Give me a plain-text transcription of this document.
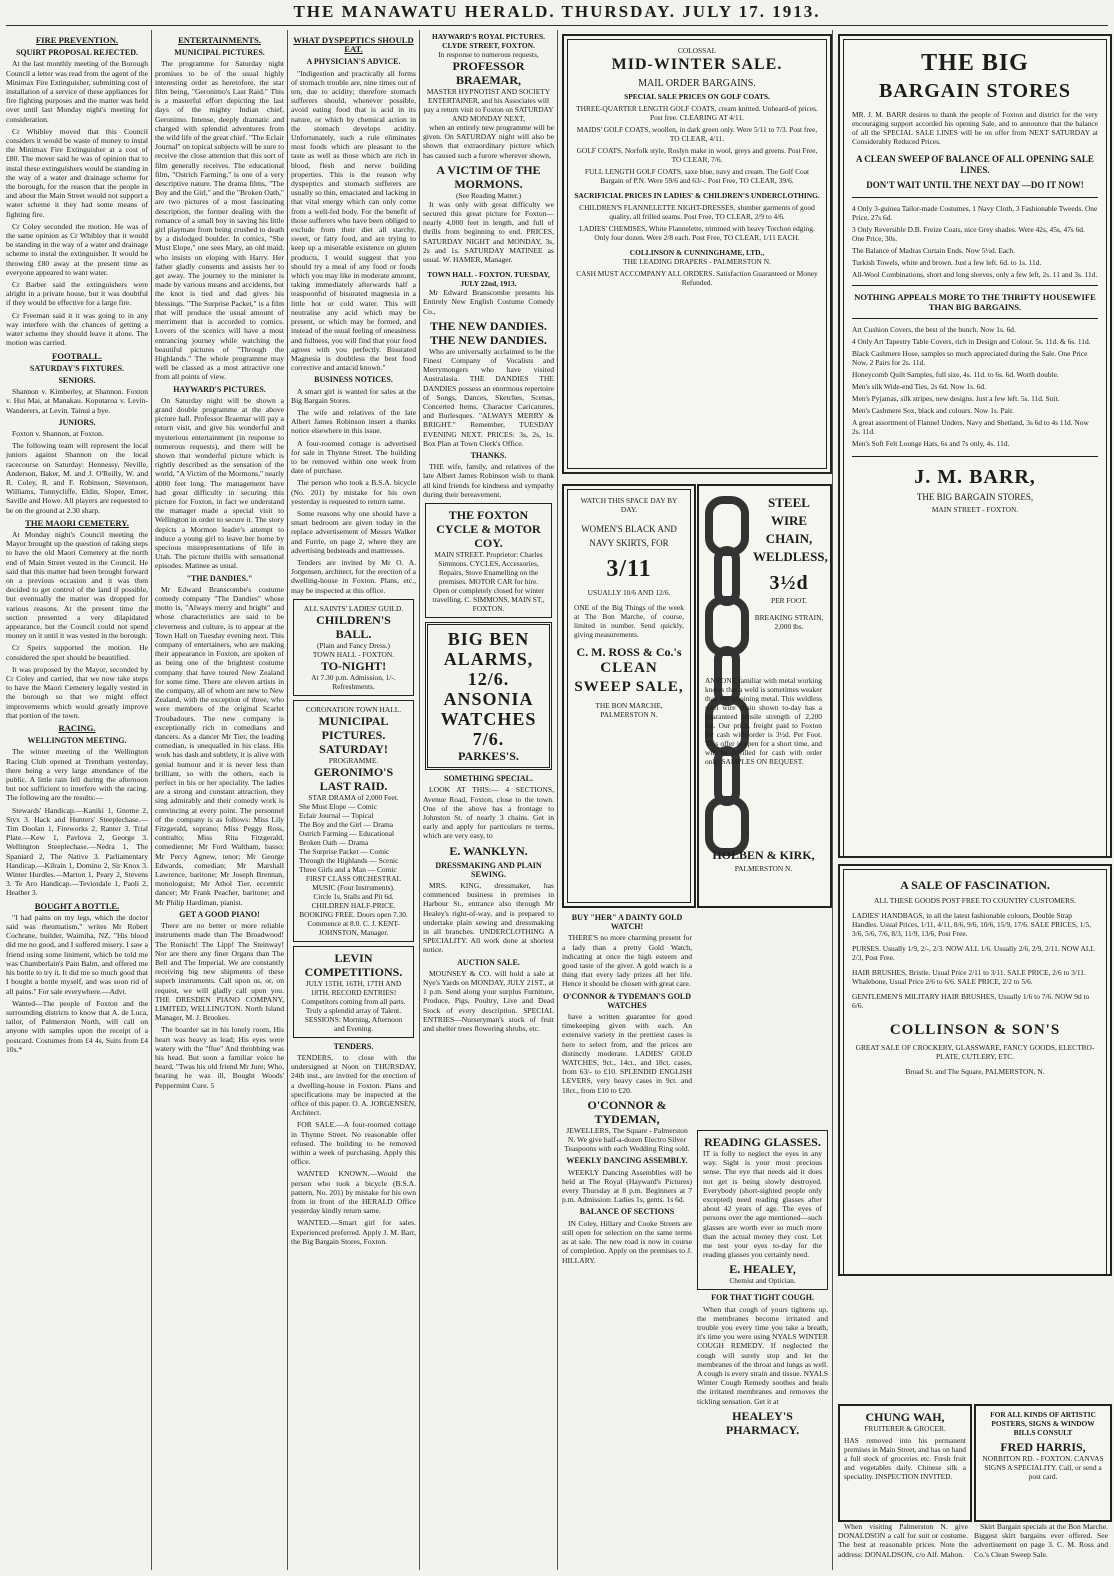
THE MANAWATU HERALD. THURSDAY. JULY 17. 1913.
FIRE PREVENTION.
SQUIRT PROPOSAL REJECTED.

At the last monthly meeting of the Borough Council a letter was read from the agent of the Minimax Fire Extinguisher, submitting cost of installation of a service of these appliances for fire fighting purposes and the matter was held over until last Monday night's meeting for consideration.

Cr Whibley moved that this Council considers it would be waste of money to instal the Minimax Fire Extinguisher at a cost of £80. The mover said he was of opinion that to instal these extinguishers would be standing in the way of a water and drainage scheme for the borough, for the reason that the people in and about the Main Street would not support a water scheme it they had some means of fighting fire.

Cr Coley seconded the motion. He was of the same opinion as Cr Whibley that it would be standing in the way of a water and drainage scheme to instal the extinguisher. It would be throwing £80 away at the present time as everyone appeared to want water.

Cr Barber said the extinguishers were alright in a private house, but it was doubtful if they would be effective for a large fire.

Cr Freeman said it it was going to in any way interfere with the chances of getting a water scheme they should leave it alone. The motion was carried.

FOOTBALL.
SATURDAY'S FIXTURES.
SENIORS.

Shannon v. Kimberley, at Shannon. Foxton v. Hui Mai, at Manakau. Koputaroa v. Levin-Wanderers, at Levin. Tainui a bye.

JUNIORS.

Foxton v. Shannon, at Foxton.

The following team will represent the local juniors against Shannon on the local racecourse on Saturday: Hennessy, Neville, Anderson, Baker, M. and J. O'Reilly, W. and R. Coley, R. and F. Robinson, Stevenson, Williams, Tunnycliffe, Eldin, Sloper, Emer, Saville and Howe. All players are requested to be on the ground at 2.30 sharp.

THE MAORI CEMETERY.

At Monday night's Council meeting the Mayor brought up the question of taking steps to have the old Maori Cemetery at the north end of Main Street vested in the Council. He said that this matter had been brought forward on a previous occasion and it was then decided to get control of the land if possible, but eventually the matter was dropped for various reasons. At the present time the section presented a very dilapidated appearance, but the Council could not spend money on it until it was vested in the borough.

Cr Speirs supported the motion. He considered the spot should be beautified.

It was proposed by the Mayor, seconded by Cr Coley and carried, that we now take steps to have the Maori Cemetery legally vested in the borough so that we might effect improvements which would greatly improve that portion of the town.

RACING.
WELLINGTON MEETING.

The winter meeting of the Wellington Racing Club opened at Trentham yesterday, there being a very large attendance of the public. A little rain fell during the afternoon but not sufficient to interfere with the racing. The following are the results:—

Stewards' Handicap.—Kaniki 1, Gnome 2, Styx 3. Hack and Hunters' Steeplechase.—Tim Doolan 1, Fireworks 2, Ranter 3. Trial Plate.—Kew 1, Pavlova 2, George 3. Wellington Steeplechase.—Nedra 1, The Spaniard 2, The Native 3. Parliamentary Handicap.—Kilrain 1, Domino 2, Sir Knox 3. Winter Hurdles.—Marton 1, Peary 2, Stevens 3. Te Aro Handicap.—Teviotdale 1, Paoli 2, Heather 3.

BOUGHT A BOTTLE.

"I had pains on my legs, which the doctor said was rheumatism," writes Mr Robert Cochrane, builder, Waimiha, NZ. "His blood did me no good, and I suffered misery. I saw a friend using some liniment, which he told me was Chamberlain's Pain Balm, and offered me his bottle to try it. It did me so much good that I bought a bottle myself, and was soon rid of all pains." For sale everywhere.—Advt.

Wanted—The people of Foxton and the surrounding districts to know that A. de Luca, tailor, of Palmerston North, will call on anyone with samples upon the receipt of a postcard. Costumes from £4 4s, Suits from £4 10s.*

ENTERTAINMENTS.
MUNICIPAL PICTURES.

The programme for Saturday night promises to be of the usual highly interesting order as heretofore, the star film being, "Geronimo's Last Raid." This is a masterful effort depicting the last days of the mighty Indian chief, Geronimo. Intense, deeply dramatic and charged with splendid adventures from the wild life of the great chief. "The Eclair Journal" on topical subjects will be sure to receive the close attention that this sort of film generally receives. The educational film, "Ostrich Farming," is one of a very descriptive nature. The drama films, "The Boy and the Girl," and the "Broken Oath," are two pictures of a most fascinating description, the former dealing with the romance of a small boy in saving his little girl playmate from being crushed to death by a dislodged boulder. In comics, "She Must Elope," one sees Mary, an old maid, who insists on eloping with Harry. Her father gladly consents and assists her to get away. The journey to the minister is made by various means and accidents, but the knot is tied and dad gives his blessings. "The Surprise Packet," is a film that will produce the usual amount of merriment that is accorded to comics. Lovers of the scenics will have a most entrancing journey while watching the beautiful pictures of "Through the Highlands." The whole programme may well be classed as a most attractive one from all points of view.

HAYWARD'S PICTURES.

On Saturday night will be shown a grand double programme at the above picture hall. Professor Braemar will pay a return visit, and give his wonderful and mysterious entertainment (in response to numerous requests), and there will be shown that wonderful picture which is rightly described as the sensation of the world, "A Victim of the Mormons," nearly 4000 feet long. The management have had great difficulty in securing this picture for Foxton, in fact we understand the manager made a special visit to Wellington in order to secure it. The story depicts a Mormon leader's attempt to induce a young girl to leave her home by specious misrepresentations of life in Utah. The picture thrills with sensational episodes. Matinee as usual.

"THE DANDIES."

Mr Edward Branscombe's costume comedy company "The Dandies" whose motto is, "Always merry and bright" and whose characteristics are said to be cleverness and culture, is to appear at the Town Hall on Tuesday evening next. This company of entertainers, who are making their appearance in Foxton, are spoken of as being one of the brightest costume company that have toured New Zealand for some time. There are eleven artists in the company, all of whom are new to New Zealand, with the exception of three, who were members of the original Scarlet Troubadours. The new company is exceptionally rich in comedians and dancers. As a dancer Mr Tier, the leading comedian, is unequalled in his class. His work has dash and subtlety, it is alive with genial humour and it is never less than brilliant, so with the others, each is perfect in his or her speciality. The ladies are a strong and constant attraction, they sing admirably and their comedy work is convincing at every point. The personnel of the company is as follows: Miss Lily Fitzgerald, soprano; Miss Peggy Ross, contralto; Miss Rita Fitzgerald, comedienne; Mr Ford Waltham, basso; Mr Percy Agnew, tenor; Mr George Edwards, comedian; Mr Marshall Lawrence, baritone; Mr Joseph Brennan, monologuist; Mr Athol Tier, eccentric dancer; Mr Frank Peacher, baritone; and Mr Philip Hardiman, pianist.

GET A GOOD PIANO!

There are no better or more reliable instruments made than The Broadwood! The Ronisch! The Lipp! The Steinway! Nor are there any finer Organs than The Bell and The Imperial. We are constantly receiving big new shipments of these superb instruments. Call upon us, or, on request, we will gladly call upon you. THE DRESDEN PIANO COMPANY, LIMITED, WELLINGTON. North Island Manager, M. J. Brookes.

The boarder sat in his lonely room, His heart was heavy as lead; His eyes were watery with the "flue" And throbbing was his head. But soon a familiar voice he heard, "Twas his old friend Mr Jure; Who, hearing he was ill, Bought Woods' Peppermint Cure. 5

WHAT DYSPEPTICS SHOULD EAT.
A PHYSICIAN'S ADVICE.

"Indigestion and practically all forms of stomach trouble are, nine times out of ten, due to acidity; therefore stomach sufferers should, whenever possible, avoid eating food that is acid in its nature, or which by chemical action in the stomach develops acidity. Unfortunately, such a rule eliminates most foods which are pleasant to the taste as well as those which are rich in blood, flesh and nerve building properties. This is the reason why dyspeptics and stomach sufferers are usually so thin, emaciated and lacking in that vital energy which can only come from a well-fed body. For the benefit of those sufferers who have been obliged to exclude from their diet all starchy, sweet, or fatty food, and are trying to keep up a miserable existence on gluten products, I would suggest that you should try a meal of any food or foods which you may like in moderate amount, taking immediately afterwards half a teaspoonful of bisurated magnesia in a little hot or cold water. This will neutralise any acid which may be present, or which may be formed, and instead of the usual feeling of uneasiness and fullness, you will find that your food agrees with you perfectly. Bisurated Magnesia is doubtless the best food corrective and antacid known."

BUSINESS NOTICES.

A smart girl is wanted for sales at the Big Bargain Stores.

The wife and relatives of the late Albert James Robinson insert a thanks notice elsewhere in this issue.

A four-roomed cottage is advertised for sale in Thynne Street. The building to be removed within one week from date of purchase.

The person who took a B.S.A. bicycle (No. 201) by mistake for his own yesterday is requested to return same.

Some reasons why one should have a smart bedroom are given today in the replace advertisement of Messrs Walker and Furrie, on page 2, where they are advertising bedsteads and mattresses.

Tenders are invited by Mr O. A. Jorgensen, architect, for the erection of a dwelling-house in Foxton. Plans, etc., may be inspected at this office.

ALL SAINTS' LADIES' GUILD.
CHILDREN'S BALL.
(Plain and Fancy Dress.)
TOWN HALL - FOXTON.
TO-NIGHT!
At 7.30 p.m. Admission, 1/-. Refreshments.
CORONATION TOWN HALL.
MUNICIPAL PICTURES. SATURDAY!
PROGRAMME.
GERONIMO'S LAST RAID.
STAR DRAMA of 2,000 Feet.
She Must Elope — Comic
Eclair Journal — Topical
The Boy and the Girl — Drama
Ostrich Farming — Educational
Broken Oath — Drama
The Surprise Packet — Comic
Through the Highlands — Scenic
Three Girls and a Man — Comic
FIRST CLASS ORCHESTRAL MUSIC (Four Instruments).
Circle 1s, Stalls and Pit 6d. CHILDREN HALF-PRICE. BOOKING FREE. Doors open 7.30. Commence at 8.0. C. J. KENT-JOHNSTON, Manager.
LEVIN COMPETITIONS.
JULY 15TH, 16TH, 17TH AND 18TH. RECORD ENTRIES! Competitors coming from all parts. Truly a splendid array of Talent. SESSIONS: Morning, Afternoon and Evening.
TENDERS.

TENDERS, to close with the undersigned at Noon on THURSDAY, 24th inst., are invited for the erection of a dwelling-house in Foxton. Plans and specifications may be inspected at the office of this paper. O. A. JORGENSEN, Architect.

FOR SALE.—A four-roomed cottage in Thynne Street. No reasonable offer refused. The building to be removed within a week of purchasing. Apply this office.

WANTED KNOWN.—Would the person who took a bicycle (B.S.A. pattern, No. 201) by mistake for his own from in front of the HERALD Office yesterday kindly return same.

WANTED.—Smart girl for sales. Experienced preferred. Apply J. M. Barr, the Big Bargain Stores, Foxton.

HAYWARD'S ROYAL PICTURES. CLYDE STREET, FOXTON.
In response to numerous requests,
PROFESSOR BRAEMAR,
MASTER HYPNOTIST AND SOCIETY ENTERTAINER, and his Associates will pay a return visit to Foxton on SATURDAY AND MONDAY NEXT,

when an entirely new programme will be given. On SATURDAY night will also be shown that extraordinary picture which has caused such a furore wherever shown,

A VICTIM OF THE MORMONS.
(See Reading Matter.)

It was only with great difficulty we secured this great picture for Foxton—nearly 4,000 feet in length, and full of thrills from beginning to end. PRICES, SATURDAY NIGHT and MONDAY, 3s, 2s and 1s. SATURDAY MATINEE as usual. W. HAMER, Manager.

TOWN HALL - FOXTON. TUESDAY, JULY 22nd, 1913.

Mr Edward Branscombe presents his Entirely New English Costume Comedy Co.,

THE NEW DANDIES. THE NEW DANDIES.

Who are universally acclaimed to be the Finest Company of Vocalists and Merrymongers who have visited Australasia. THE DANDIES THE DANDIES possess an enormous repertoire of Songs, Dances, Sketches, Scenas, Concerted Items, Character Caricatures, and Burlesques. "ALWAYS MERRY & BRIGHT." Remember, TUESDAY EVENING NEXT. PRICES: 3s, 2s, 1s. Box Plan at Town Clerk's Office.

THANKS.

THE wife, family, and relatives of the late Albert James Robinson wish to thank all kind friends for kindness and sympathy during their bereavement.

THE FOXTON CYCLE & MOTOR COY.
MAIN STREET. Proprietor: Charles Simmons. CYCLES, Accessories, Repairs, Stove Enamelling on the premises. MOTOR CAR for hire. Open or completely closed for winter travelling. C. SIMMONS, MAIN ST., FOXTON.
BIG BEN ALARMS,
12/6.
ANSONIA WATCHES
7/6.
PARKES'S.
SOMETHING SPECIAL.

LOOK AT THIS:— 4 SECTIONS, Avenue Road, Foxton, close to the town. One of the above has a frontage to Johnston St. of nearly 3 chains. Get in early and apply for particulars re terms, which are very easy, to

E. WANKLYN.
DRESSMAKING AND PLAIN SEWING.

MRS. KING, dressmaker, has commenced business in premises in Harbour St., entrance also through Mr Healey's right-of-way, and is prepared to undertake plain sewing and dressmaking in all branches. UNDERCLOTHING A SPECIALITY. All work done at shortest notice.

AUCTION SALE.

MOUNSEY & CO. will hold a sale at Nye's Yards on MONDAY, JULY 21ST., at 1 p.m. Send along your surplus Furniture, Produce, Pigs, Poultry, Live and Dead Stock of every description. SPECIAL ENTRIES—Nurseryman's stock of fruit and shelter trees flowering shrubs, etc.

COLOSSAL
MID-WINTER SALE.
MAIL ORDER BARGAINS.
SPECIAL SALE PRICES ON GOLF COATS.
THREE-QUARTER LENGTH GOLF COATS, cream knitted. Unheard-of prices. Post free. CLEARING AT 4/11.
MAIDS' GOLF COATS, woollen, in dark green only. Were 5/11 to 7/3. Post free, TO CLEAR, 4/11.
GOLF COATS, Norfolk style, Roslyn make in wool, greys and greens. Post Free, TO CLEAR, 7/6.
FULL LENGTH GOLF COATS, saxe blue, navy and cream. The Golf Coat Bargain of P.N. Were 59/6 and 63/-. Post Free, TO CLEAR, 39/6.
SACRIFICIAL PRICES IN LADIES' & CHILDREN'S UNDERCLOTHING.
CHILDREN'S FLANNELETTE NIGHT-DRESSES, slumber garments of good quality, all frilled seams. Post Free, TO CLEAR, 2/9 to 4/6.
LADIES' CHEMISES, White Flannelette, trimmed with heavy Torchon edging. Only four dozen. Were 2/8 each. Post Free, TO CLEAR, 1/11 EACH.
COLLINSON & CUNNINGHAME, LTD.,
THE LEADING DRAPERS - PALMERSTON N.
CASH MUST ACCOMPANY ALL ORDERS. Satisfaction Guaranteed or Money Refunded.
WATCH THIS SPACE DAY BY DAY.
WOMEN'S BLACK AND NAVY SKIRTS, FOR
3/11
USUALLY 10/6 AND 12/6.
ONE of the Big Things of the week at The Bon Marche, of course, limited in number. Send quickly, giving measurements.
C. M. ROSS & Co.'s
CLEAN SWEEP SALE,
THE BON MARCHE, PALMERSTON N.
STEEL WIRE CHAIN, WELDLESS,
3½d
PER FOOT.
BREAKING STRAIN, 2,000 lbs.
ANYONE familiar with metal working knows that a weld is sometimes weaker than the adjoining metal. This weldless steel wire chain shown to-day has a guaranteed tensile strength of 2,200 lbs. Our price, freight paid to Foxton for cash with order is 3½d. Per Foot. This offer is open for a short time, and will be fulfilled for cash with order only. SAMPLES ON REQUEST.
HOLBEN & KIRK,
PALMERSTON N.
BUY "HER" A DAINTY GOLD WATCH!

THERE'S no more charming present for a lady than a pretty Gold Watch, indicating at once the high esteem and good taste of the giver. A gold watch is a thing that every lady prizes all her life. Hence it should be chosen with great care.

O'CONNOR & TYDEMAN'S GOLD WATCHES

have a written guarantee for good timekeeping given with each. An extensive variety in the prettiest cases is here to select from, and the prices are distinctly moderate. LADIES' GOLD WATCHES, 9ct., 14ct., and 18ct. cases, from 63/- to £10. SPLENDID ENGLISH LEVERS, very heavy cases in 9ct. and 18ct., from £10 to £20.

O'CONNOR & TYDEMAN,

JEWELLERS, The Square - Palmerston N. We give half-a-dozen Electro Silver Teaspoons with each Wedding Ring sold.

WEEKLY DANCING ASSEMBLY.

WEEKLY Dancing Assemblies will be held at The Royal (Hayward's Pictures) every Thursday at 8 p.m. Beginners at 7 p.m. Admission: Ladies 1s, gents. 1s 6d.

BALANCE OF SECTIONS

IN Coley, Hillary and Cooke Streets are still open for selection on the same terms as at sale. The new road is now in course of completion. Apply on the premises to J. HILLARY.

READING GLASSES.

IT is folly to neglect the eyes in any way. Sight is your most precious sense. The eye that needs aid it does not get is being slowly destroyed. Everybody (short-sighted people only excepted) need reading glasses after about 42 years of age. The eyes of persons over the age mentioned—such glasses are worth ever so much more than the actual money they cost. Let me test your eyes to-day for the reading glasses you certainly need.

E. HEALEY,
Chemist and Optician.
FOR THAT TIGHT COUGH.

When that cough of yours tightens up, the membranes become irritated and trouble you every time you take a breath, it's time you were using NYALS WINTER COUGH REMEDY. If neglected the cough will surely stop and let the membranes of the throat and lungs as well. A cough is every strain and tissue. NYALS Winter Cough Remedy soothes and heals the irritated membranes and removes the tickling sensation. Get it at

HEALEY'S PHARMACY.
THE BIG
BARGAIN STORES
MR. J. M. BARR desires to thank the people of Foxton and district for the very encouraging support accorded his opening Sale, and to announce that the balance of all the SPECIAL SALE LINES will be on offer from NEXT SATURDAY at Considerably Reduced Prices.
A CLEAN SWEEP OF BALANCE OF ALL OPENING SALE LINES.
DON'T WAIT UNTIL THE NEXT DAY —DO IT NOW!
4 Only 3-guinea Tailor-made Costumes, 1 Navy Cloth, 3 Fashionable Tweeds. One Price, 27s 6d.
3 Only Reversible D.B. Freize Coats, nice Grey shades. Were 42s, 45s, 47s 6d. One Price, 30s.
The Balance of Madras Curtain Ends. Now 5½d. Each.
Turkish Towels, white and brown. Just a few left. 6d. to 1s. 11d.
All-Wool Combinations, short and long sleeves, only a few left, 2s. 11 and 3s. 11d.
NOTHING APPEALS MORE TO THE THRIFTY HOUSEWIFE THAN BIG BARGAINS.
Art Cushion Covers, the best of the bunch. Now 1s. 6d.
4 Only Art Tapestry Table Covers, rich in Design and Colour. 5s. 11d. & 6s. 11d.
Black Cashmere Hose, samples so much appreciated during the Sale. One Price Now, 2 Pairs for 2s. 11d.
Honeycomb Quilt Samples, full size, 4s. 11d. to 6s. 6d. Worth double.
Men's silk Wide-end Ties, 2s 6d. Now 1s. 6d.
Men's Pyjamas, silk stripes, new designs. Just a few left. 5s. 11d. Suit.
Men's Cashmere Sox, black and colours. Now 1s. Pair.
A great assortment of Flannel Unders, Navy and Shetland, 3s 6d to 4s 11d. Now 2s. 11d.
Men's Soft Felt Lounge Hats, 6s and 7s only, 4s. 11d.
J. M. BARR,
THE BIG BARGAIN STORES,
MAIN STREET - FOXTON.
A SALE OF FASCINATION.
ALL THESE GOODS POST FREE TO COUNTRY CUSTOMERS.
LADIES' HANDBAGS, in all the latest fashionable colours, Double Strap Handles. Usual Prices, 1/11, 4/11, 8/6, 9/6, 10/6, 15/9, 17/6. SALE PRICES, 1/5, 3/6, 5/6, 7/6, 8/3, 11/9, 13/6, Post Free.
PURSES. Usually 1/9, 2/-, 2/3. NOW ALL 1/6. Usually 2/6, 2/9, 2/11. NOW ALL 2/3, Post Free.
HAIR BRUSHES, Bristle. Usual Price 2/11 to 3/11. SALE PRICE, 2/6 to 3/11. Whalebone, Usual Price 2/6 to 6/6. SALE PRICE, 2/2 to 5/6.
GENTLEMEN'S MILITARY HAIR BRUSHES, Usually 1/6 to 7/6. NOW 9d to 6/6.
COLLINSON & SON'S
GREAT SALE OF CROCKERY, GLASSWARE, FANCY GOODS, ELECTRO-PLATE, CUTLERY, ETC.
Broad St. and The Square, PALMERSTON, N.
CHUNG WAH,
FRUITERER & GROCER.
HAS removed into his permanent premises in Main Street, and has on hand a full stock of groceries etc. Fresh fruit and vegetables daily. Chinese silk a speciality. INSPECTION INVITED.
FOR ALL KINDS OF ARTISTIC POSTERS, SIGNS & WINDOW BILLS CONSULT
FRED HARRIS,
NORBITON RD. - FOXTON. CANVAS SIGNS A SPECIALITY. Call, or send a post card.

When visiting Palmerston N. give DONALDSON a call for suit or costume. The best at reasonable prices. Note the address: DONALDSON, c/o Alf. Mahon.

Skirt Bargain specials at the Bon Marche. Biggest skirt bargains ever offered. See advertisement on page 3. C. M. Ross and Co.'s Clean Sweep Sale.
